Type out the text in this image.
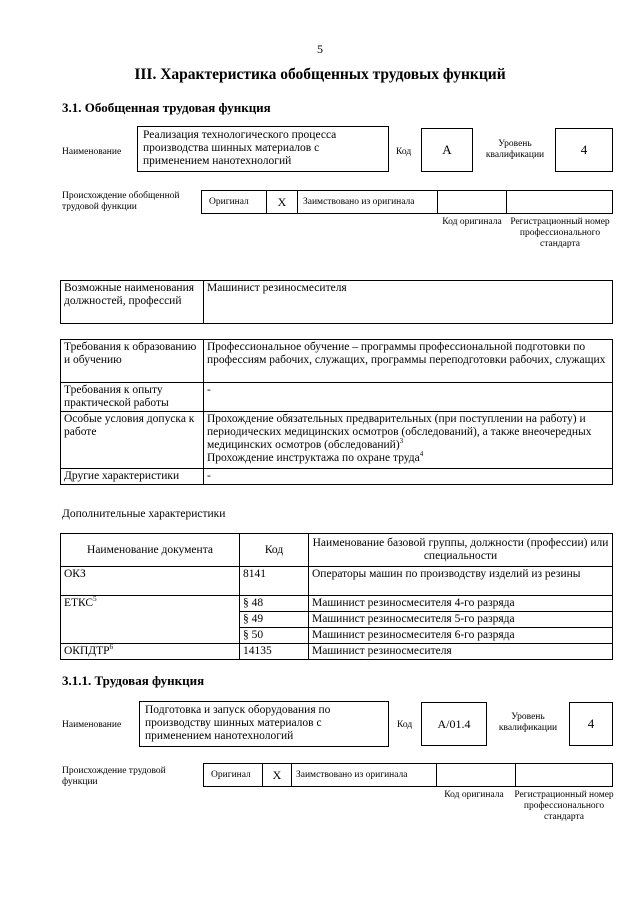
5
III. Характеристика обобщенных трудовых функций
3.1. Обобщенная трудовая функция
Наименование
Реализация технологического процесса производства шинных материалов с применением нанотехнологий
Код	А	Уровень квалификации	4
Происхождение обобщенной трудовой функции	Оригинал	X	Заимствовано из оригинала
Код оригинала Регистрационный номер профессионального стандарта
Возможные наименования должностей, профессий	Машинист резиносмесителя
Требования к образованию и обучению	Профессиональное обучение – программы профессиональной подготовки по профессиям рабочих, служащих, программы переподготовки рабочих, служащих
Требования к опыту практической работы	-
Особые условия допуска к работе	Прохождение обязательных предварительных (при поступлении на работу) и периодических медицинских осмотров (обследований), а также внеочередных медицинских осмотров (обследований)$^3$
Прохождение инструктажа по охране труда$^4$
Другие характеристики	-
Дополнительные характеристики
Наименование документа	Код	Наименование базовой группы, должности (профессии) или специальности
ОКЗ	8141	Операторы машин по производству изделий из резины
ЕТКС$^5$	§ 48	Машинист резиносмесителя 4-го разряда
	§ 49	Машинист резиносмесителя 5-го разряда
	§ 50	Машинист резиносмесителя 6-го разряда
ОКПДТР$^6$	14135	Машинист резиносмесителя
3.1.1. Трудовая функция
Наименование
Подготовка и запуск оборудования по производству шинных материалов с применением нанотехнологий
Код	A/01.4	Уровень квалификации	4
Происхождение трудовой функции
Оригинал	X	Заимствовано из оригинала
Код оригинала Регистрационный номер профессионального стандарта
